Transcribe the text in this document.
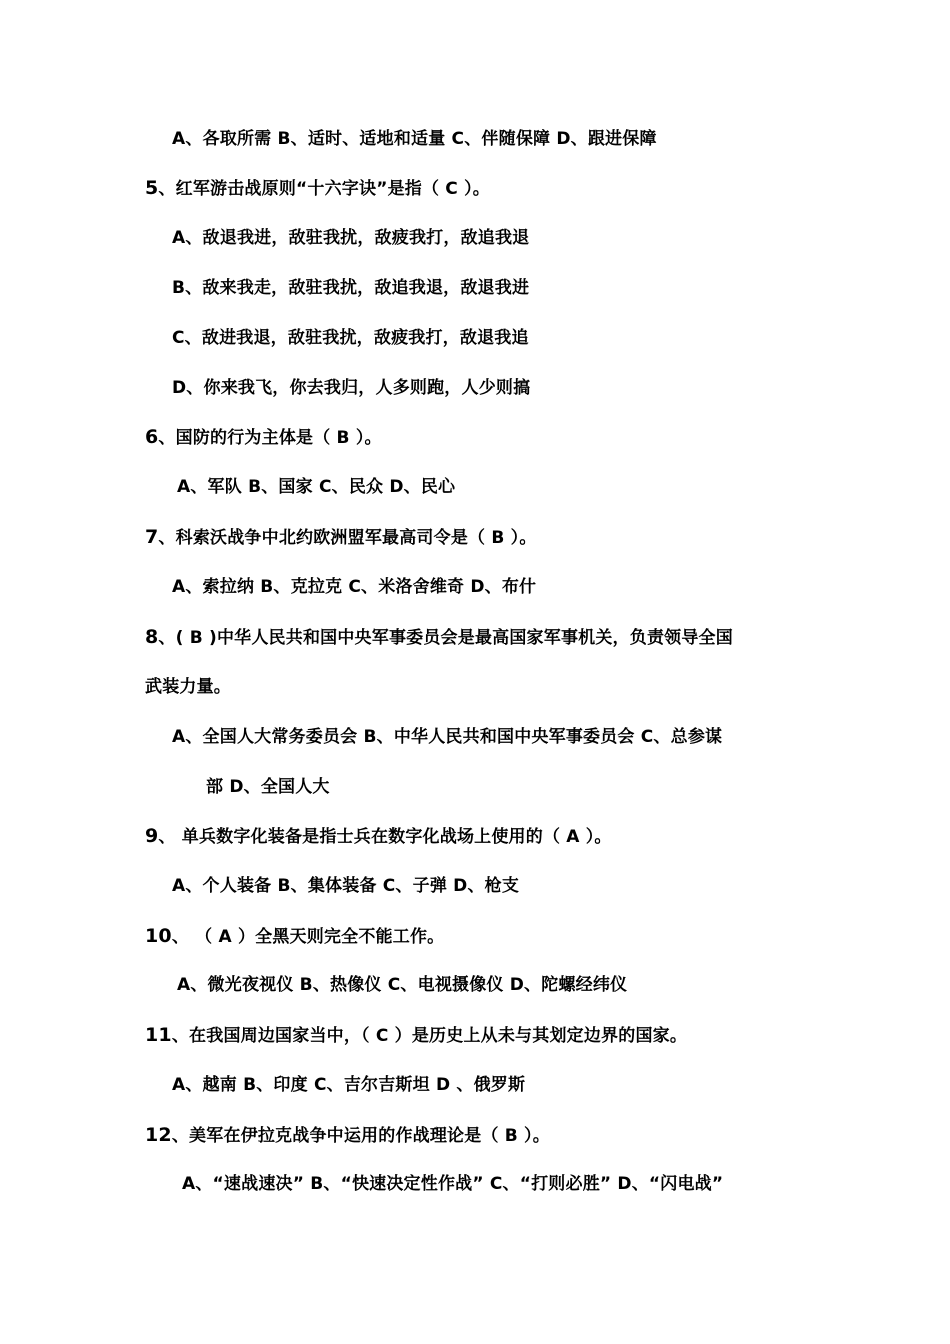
A、各取所需 B、适时、适地和适量 C、伴随保障 D、跟进保障
5、红军游击战原则“十六字诀”是指（ C ）。
A、敌退我进，敌驻我扰，敌疲我打，敌追我退
B、敌来我走，敌驻我扰，敌追我退，敌退我进
C、敌进我退，敌驻我扰，敌疲我打，敌退我追
D、你来我飞，你去我归，人多则跑，人少则搞
6、国防的行为主体是（ B ）。
A、军队 B、国家 C、民众 D、民心
7、科索沃战争中北约欧洲盟军最高司令是（ B ）。
A、索拉纳 B、克拉克 C、米洛舍维奇 D、布什
8、( B )中华人民共和国中央军事委员会是最高国家军事机关，负责领导全国
武装力量。
A、全国人大常务委员会 B、中华人民共和国中央军事委员会 C、总参谋
部 D、全国人大
9、 单兵数字化装备是指士兵在数字化战场上使用的（ A ）。
A、个人装备 B、集体装备 C、子弹 D、枪支
10、 （ A ）全黑天则完全不能工作。
A、微光夜视仪 B、热像仪 C、电视摄像仪 D、陀螺经纬仪
11、在我国周边国家当中，（ C ）是历史上从未与其划定边界的国家。
A、越南 B、印度 C、吉尔吉斯坦 D 、俄罗斯
12、美军在伊拉克战争中运用的作战理论是（ B ）。
A、“速战速决” B、“快速决定性作战” C、“打则必胜” D、“闪电战”
